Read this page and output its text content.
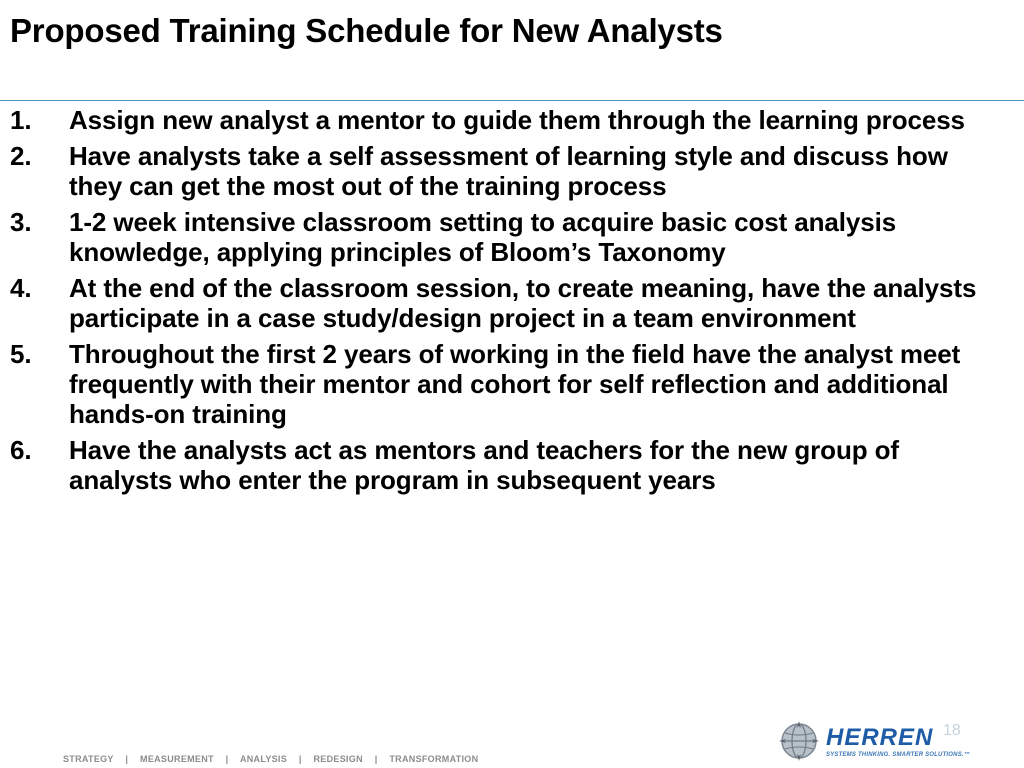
Proposed Training Schedule for New Analysts
1.	Assign new analyst a mentor to guide them through the learning process
2.	Have analysts take a self assessment of learning style and discuss how they can get the most out of the training process
3.	1-2 week intensive classroom setting to acquire basic cost analysis knowledge, applying principles of Bloom’s Taxonomy
4.	At the end of the classroom session, to create meaning, have the analysts participate in a case study/design project in a team environment
5.	Throughout the first 2 years of working in the field have the analyst meet frequently with their mentor and cohort for self reflection and additional hands-on training
6.	Have the analysts act as mentors and teachers for the new group of analysts who enter the program in subsequent years
18
STRATEGY | MEASUREMENT | ANALYSIS | REDESIGN | TRANSFORMATION
HERREN
SYSTEMS THINKING. SMARTER SOLUTIONS.™
